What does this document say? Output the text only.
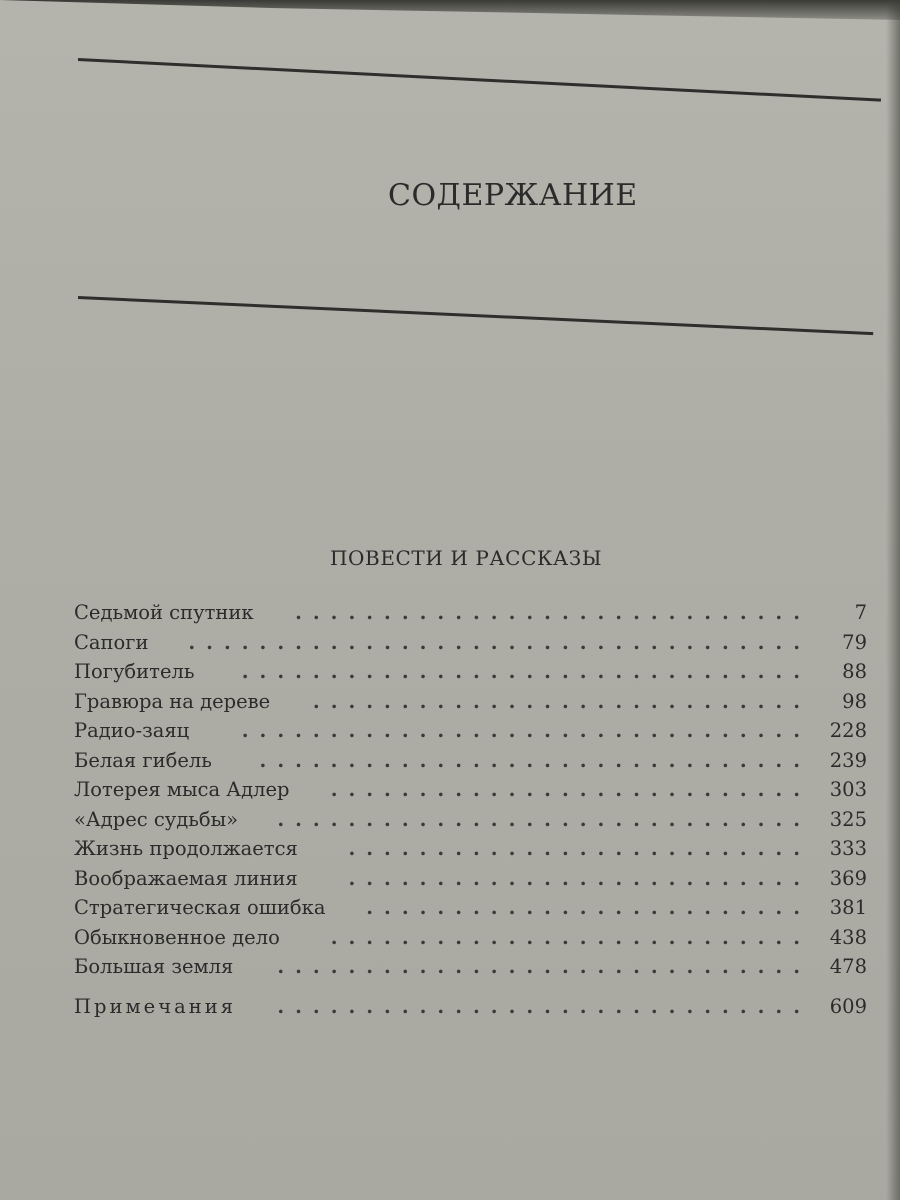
СОДЕРЖАНИЕ
ПОВЕСТИ И РАССКАЗЫ
Седьмой спутник	............................. 7
Сапоги	................................... 79
Погубитель	................................ 88
Гравюра на дереве	............................ 98
Радио-заяц	................................ 228
Белая гибель	............................... 239
Лотерея мыса Адлер	........................... 303
«Адрес судьбы»	.............................. 325
Жизнь продолжается	.......................... 333
Воображаемая линия	.......................... 369
Стратегическая ошибка	......................... 381
Обыкновенное дело	........................... 438
Большая земля	.............................. 478
Примечания	.............................. 609
